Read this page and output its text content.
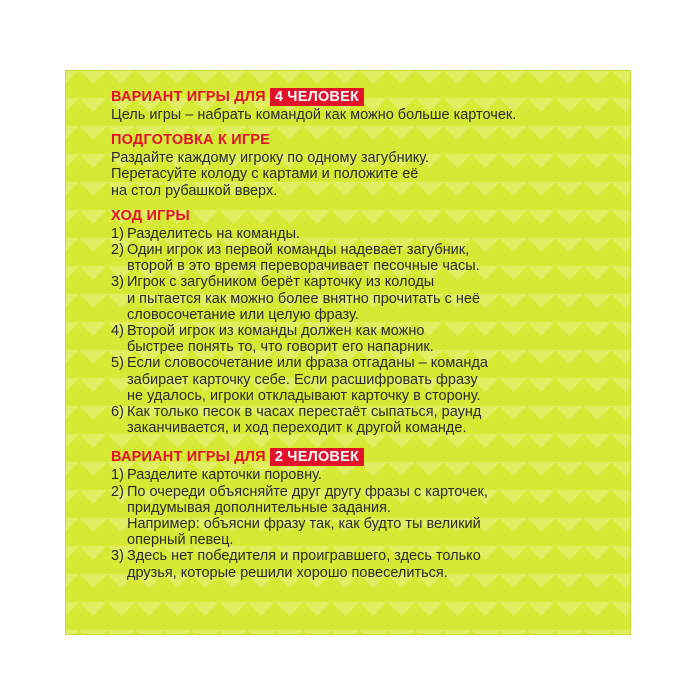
ВАРИАНТ ИГРЫ ДЛЯ 4 ЧЕЛОВЕК

Цель игры – набрать командой как можно больше карточек.

ПОДГОТОВКА К ИГРЕ

Раздайте каждому игроку по одному загубнику.
Перетасуйте колоду с картами и положите её
на стол рубашкой вверх.

ХОД ИГРЫ

1) Разделитесь на команды.
2) Один игрок из первой команды надевает загубник,
второй в это время переворачивает песочные часы.
3) Игрок с загубником берёт карточку из колоды
и пытается как можно более внятно прочитать с неё
словосочетание или целую фразу.
4) Второй игрок из команды должен как можно
быстрее понять то, что говорит его напарник.
5) Если словосочетание или фраза отгаданы – команда
забирает карточку себе. Если расшифровать фразу
не удалось, игроки откладывают карточку в сторону.
6) Как только песок в часах перестаёт сыпаться, раунд
заканчивается, и ход переходит к другой команде.

ВАРИАНТ ИГРЫ ДЛЯ 2 ЧЕЛОВЕК

1) Разделите карточки поровну.
2) По очереди объясняйте друг другу фразы с карточек,
придумывая дополнительные задания.
Например: объясни фразу так, как будто ты великий
оперный певец.
3) Здесь нет победителя и проигравшего, здесь только
друзья, которые решили хорошо повеселиться.
